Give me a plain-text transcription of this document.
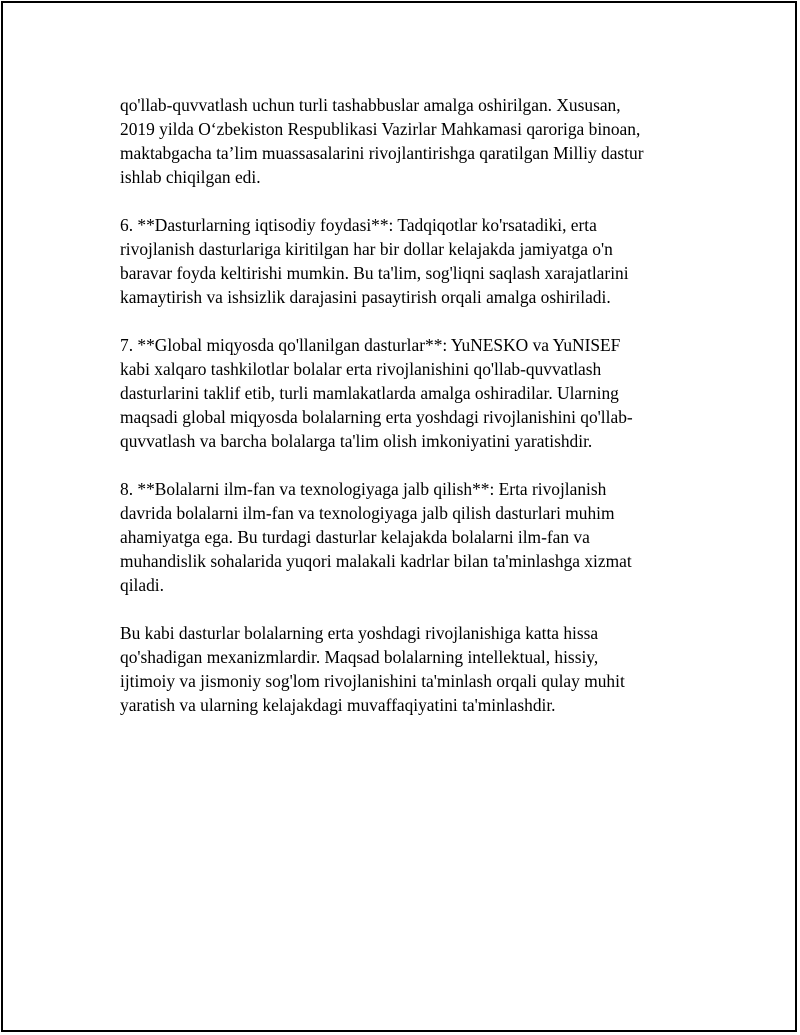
qo'llab-quvvatlash uchun turli tashabbuslar amalga oshirilgan. Xususan,
2019 yilda O‘zbekiston Respublikasi Vazirlar Mahkamasi qaroriga binoan,
maktabgacha ta’lim muassasalarini rivojlantirishga qaratilgan Milliy dastur
ishlab chiqilgan edi.

6. **Dasturlarning iqtisodiy foydasi**: Tadqiqotlar ko'rsatadiki, erta
rivojlanish dasturlariga kiritilgan har bir dollar kelajakda jamiyatga o'n
baravar foyda keltirishi mumkin. Bu ta'lim, sog'liqni saqlash xarajatlarini
kamaytirish va ishsizlik darajasini pasaytirish orqali amalga oshiriladi.

7. **Global miqyosda qo'llanilgan dasturlar**: YuNESKO va YuNISEF
kabi xalqaro tashkilotlar bolalar erta rivojlanishini qo'llab-quvvatlash
dasturlarini taklif etib, turli mamlakatlarda amalga oshiradilar. Ularning
maqsadi global miqyosda bolalarning erta yoshdagi rivojlanishini qo'llab-
quvvatlash va barcha bolalarga ta'lim olish imkoniyatini yaratishdir.

8. **Bolalarni ilm-fan va texnologiyaga jalb qilish**: Erta rivojlanish
davrida bolalarni ilm-fan va texnologiyaga jalb qilish dasturlari muhim
ahamiyatga ega. Bu turdagi dasturlar kelajakda bolalarni ilm-fan va
muhandislik sohalarida yuqori malakali kadrlar bilan ta'minlashga xizmat
qiladi.

Bu kabi dasturlar bolalarning erta yoshdagi rivojlanishiga katta hissa
qo'shadigan mexanizmlardir. Maqsad bolalarning intellektual, hissiy,
ijtimoiy va jismoniy sog'lom rivojlanishini ta'minlash orqali qulay muhit
yaratish va ularning kelajakdagi muvaffaqiyatini ta'minlashdir.
